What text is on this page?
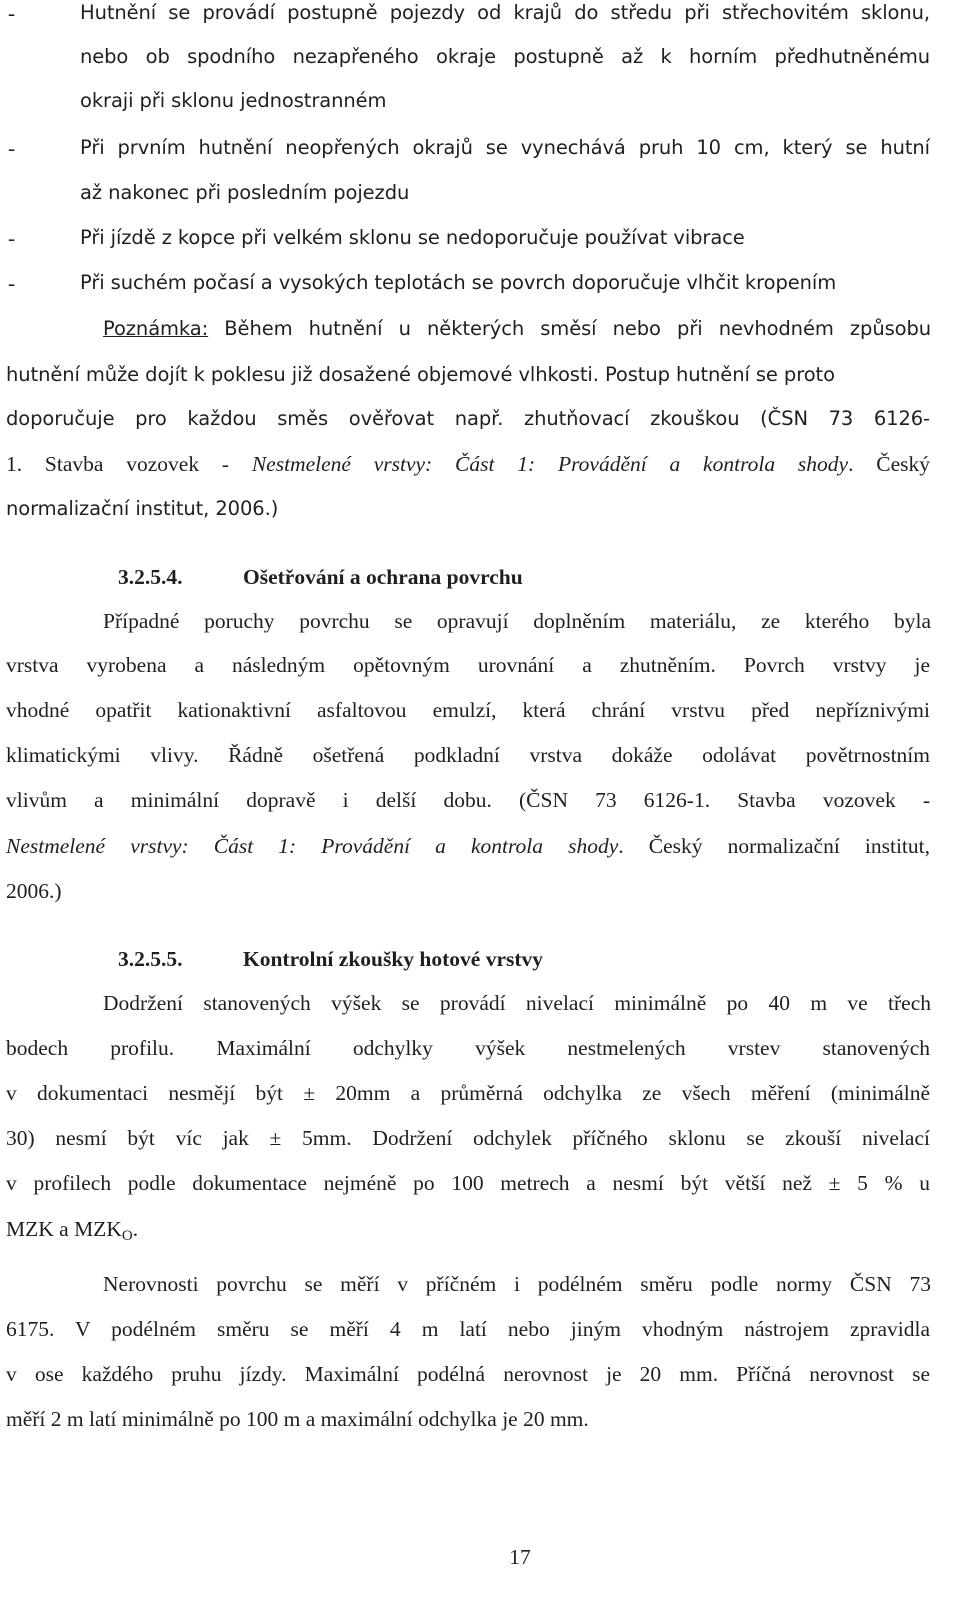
-	Hutnění se provádí postupně pojezdy od krajů do středu při střechovitém sklonu,
nebo ob spodního nezapřeného okraje postupně až k horním předhutněnému
okraji při sklonu jednostranném
-	Při prvním hutnění neopřených okrajů se vynechává pruh 10 cm, který se hutní
až nakonec při posledním pojezdu
-	Při jízdě z kopce při velkém sklonu se nedoporučuje používat vibrace
-	Při suchém počasí a vysokých teplotách se povrch doporučuje vlhčit kropením
Poznámka: Během hutnění u některých směsí nebo při nevhodném způsobu
hutnění může dojít k poklesu již dosažené objemové vlhkosti. Postup hutnění se proto
doporučuje pro každou směs ověřovat např. zhutňovací zkouškou (ČSN 73 6126-
1. Stavba vozovek - Nestmelené vrstvy: Část 1: Provádění a kontrola shody. Český
normalizační institut, 2006.)
3.2.5.4.	Ošetřování a ochrana povrchu
Případné poruchy povrchu se opravují doplněním materiálu, ze kterého byla
vrstva vyrobena a následným opětovným urovnání a zhutněním. Povrch vrstvy je
vhodné opatřit kationaktivní asfaltovou emulzí, která chrání vrstvu před nepříznivými
klimatickými vlivy. Řádně ošetřená podkladní vrstva dokáže odolávat povětrnostním
vlivům a minimální dopravě i delší dobu. (ČSN 73 6126-1. Stavba vozovek -
Nestmelené vrstvy: Část 1: Provádění a kontrola shody. Český normalizační institut,
2006.)
3.2.5.5.	Kontrolní zkoušky hotové vrstvy
Dodržení stanovených výšek se provádí nivelací minimálně po 40 m ve třech
bodech profilu. Maximální odchylky výšek nestmelených vrstev stanovených
v dokumentaci nesmějí být ± 20mm a průměrná odchylka ze všech měření (minimálně
30) nesmí být víc jak ± 5mm. Dodržení odchylek příčného sklonu se zkouší nivelací
v profilech podle dokumentace nejméně po 100 metrech a nesmí být větší než ± 5 % u
MZK a $MZK_O$.
Nerovnosti povrchu se měří v příčném i podélném směru podle normy ČSN 73
6175. V podélném směru se měří 4 m latí nebo jiným vhodným nástrojem zpravidla
v ose každého pruhu jízdy. Maximální podélná nerovnost je 20 mm. Příčná nerovnost se
měří 2 m latí minimálně po 100 m a maximální odchylka je 20 mm.
17
